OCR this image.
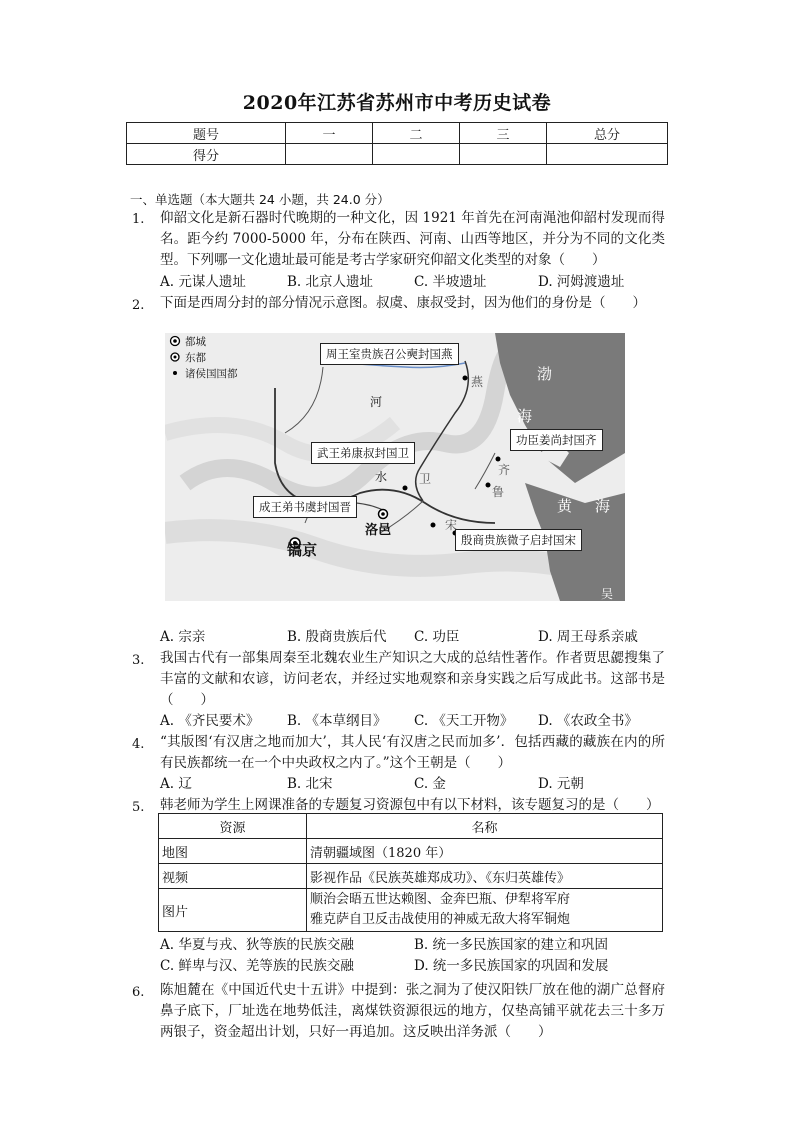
2020年江苏省苏州市中考历史试卷
题号	一	二	三	总分
得分				
一、单选题（本大题共 24 小题，共 24.0 分）
1. 仰韶文化是新石器时代晚期的一种文化，因 1921 年首先在河南渑池仰韶村发现而得名。距今约 7000-5000 年，分布在陕西、河南、山西等地区，并分为不同的文化类型。下列哪一文化遗址最可能是考古学家研究仰韶文化类型的对象（　　）
A. 元谋人遗址	B. 北京人遗址	C. 半坡遗址	D. 河姆渡遗址
2. 下面是西周分封的部分情况示意图。叔虞、康叔受封，因为他们的身份是（　　）
都城
东都
诸侯国国都
周王室贵族召公奭封国燕
武王弟康叔封国卫
功臣姜尚封国齐
成王弟书虞封国晋
殷商贵族微子启封国宋
镐京
洛邑
河
水
燕
卫
齐
鲁
宋
吴
渤
海
黄 海
A. 宗亲	B. 殷商贵族后代 C. 功臣	D. 周王母系亲戚
3. 我国古代有一部集周秦至北魏农业生产知识之大成的总结性著作。作者贾思勰搜集了丰富的文献和农谚，访问老农，并经过实地观察和亲身实践之后写成此书。这部书是（　　）
A. 《齐民要术》 B. 《本草纲目》 C. 《天工开物》 D. 《农政全书》
4. “其版图‘有汉唐之地而加大’，其人民‘有汉唐之民而加多’．包括西藏的藏族在内的所有民族都统一在一个中央政权之内了。”这个王朝是（　　）
A. 辽	B. 北宋	C. 金	D. 元朝
5. 韩老师为学生上网课准备的专题复习资源包中有以下材料，该专题复习的是（　　）
资源	名称
地图	清朝疆域图（1820 年）
视频	影视作品《民族英雄郑成功》、《东归英雄传》
图片	顺治会晤五世达赖图、金奔巴瓶、伊犁将军府
雅克萨自卫反击战使用的神威无敌大将军铜炮
A. 华夏与戎、狄等族的民族交融	B. 统一多民族国家的建立和巩固
C. 鲜卑与汉、羌等族的民族交融	D. 统一多民族国家的巩固和发展
6. 陈旭麓在《中国近代史十五讲》中提到：张之洞为了使汉阳铁厂放在他的湖广总督府鼻子底下，厂址选在地势低洼，离煤铁资源很远的地方，仅垫高铺平就花去三十多万两银子，资金超出计划，只好一再追加。这反映出洋务派（　　）
